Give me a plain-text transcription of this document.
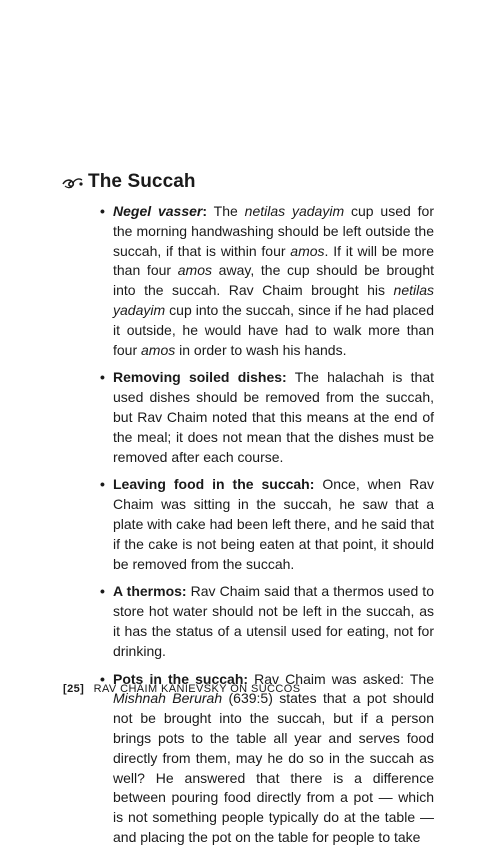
The Succah
• Negel vasser: The netilas yadayim cup used for the morning handwashing should be left outside the succah, if that is within four amos. If it will be more than four amos away, the cup should be brought into the succah. Rav Chaim brought his netilas yadayim cup into the succah, since if he had placed it outside, he would have had to walk more than four amos in order to wash his hands.
• Removing soiled dishes: The halachah is that used dishes should be removed from the succah, but Rav Chaim noted that this means at the end of the meal; it does not mean that the dishes must be removed after each course.
• Leaving food in the succah: Once, when Rav Chaim was sitting in the succah, he saw that a plate with cake had been left there, and he said that if the cake is not being eaten at that point, it should be removed from the succah.
• A thermos: Rav Chaim said that a thermos used to store hot water should not be left in the succah, as it has the status of a utensil used for eating, not for drinking.
• Pots in the succah: Rav Chaim was asked: The Mishnah Berurah (639:5) states that a pot should not be brought into the succah, but if a person brings pots to the table all year and serves food directly from them, may he do so in the succah as well? He answered that there is a difference between pouring food directly from a pot — which is not something people typically do at the table — and placing the pot on the table for people to take
[25] RAV CHAIM KANIEVSKY ON SUCCOS
